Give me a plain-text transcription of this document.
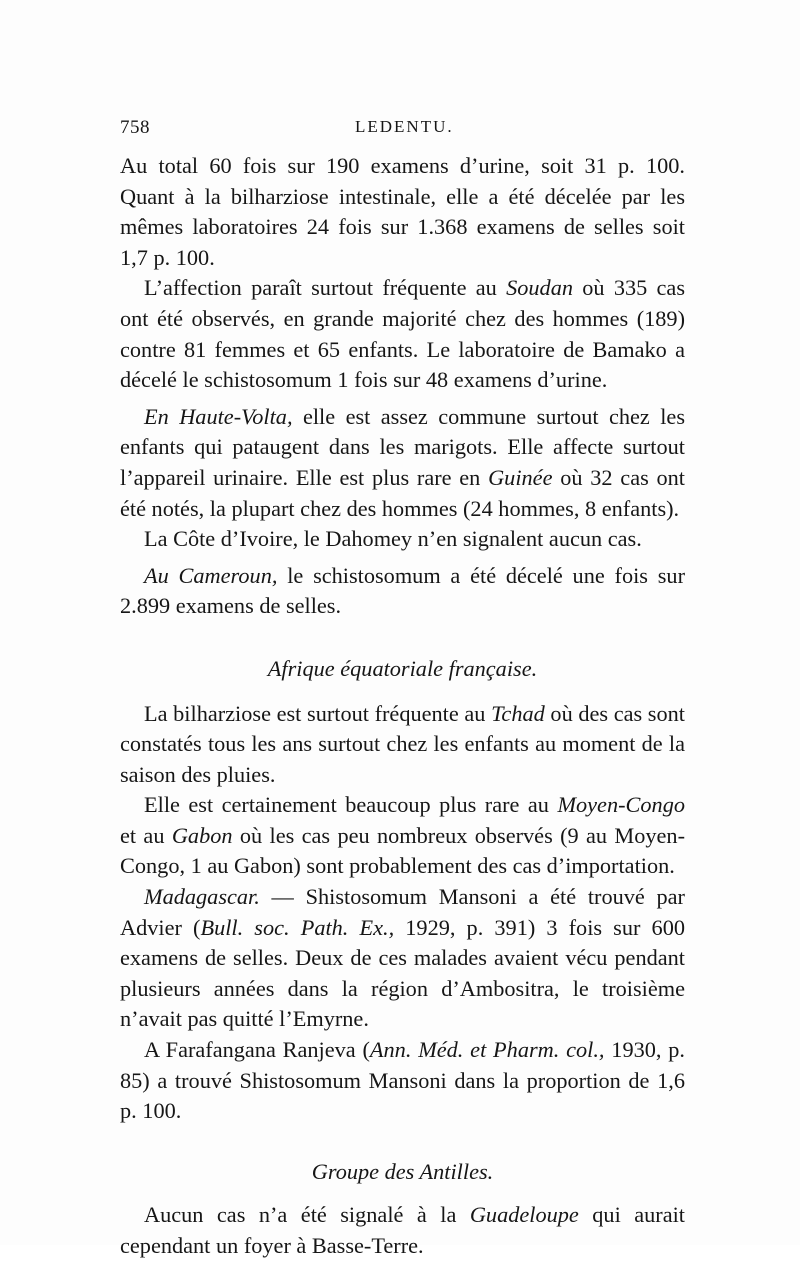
758	LEDENTU.

Au total 60 fois sur 190 examens d’urine, soit 31 p. 100.

Quant à la bilharziose intestinale, elle a été décelée par les

mêmes laboratoires 24 fois sur 1.368 examens de selles soit

1,7 p. 100.

L’affection paraît surtout fréquente au Soudan où 335 cas ont été observés, en grande majorité chez des hommes (189) contre 81 femmes et 65 enfants. Le laboratoire de Bamako a décelé le schistosomum 1 fois sur 48 examens d’urine.

En Haute-Volta, elle est assez commune surtout chez les enfants qui pataugent dans les marigots. Elle affecte surtout l’appareil urinaire. Elle est plus rare en Guinée où 32 cas ont été notés, la plupart chez des hommes (24 hommes, 8 enfants).

La Côte d’Ivoire, le Dahomey n’en signalent aucun cas.

Au Cameroun, le schistosomum a été décelé une fois sur 2.899 examens de selles.

Afrique équatoriale française.

La bilharziose est surtout fréquente au Tchad où des cas sont constatés tous les ans surtout chez les enfants au moment de la saison des pluies.

Elle est certainement beaucoup plus rare au Moyen-Congo et au Gabon où les cas peu nombreux observés (9 au Moyen-Congo, 1 au Gabon) sont probablement des cas d’importation.

Madagascar. — Shistosomum Mansoni a été trouvé par Advier (Bull. soc. Path. Ex., 1929, p. 391) 3 fois sur 600 examens de selles. Deux de ces malades avaient vécu pendant plusieurs années dans la région d’Ambositra, le troisième n’avait pas quitté l’Emyrne.

A Farafangana Ranjeva (Ann. Méd. et Pharm. col., 1930, p. 85) a trouvé Shistosomum Mansoni dans la proportion de 1,6 p. 100.

Groupe des Antilles.

Aucun cas n’a été signalé à la Guadeloupe qui aurait cependant un foyer à Basse-Terre.
